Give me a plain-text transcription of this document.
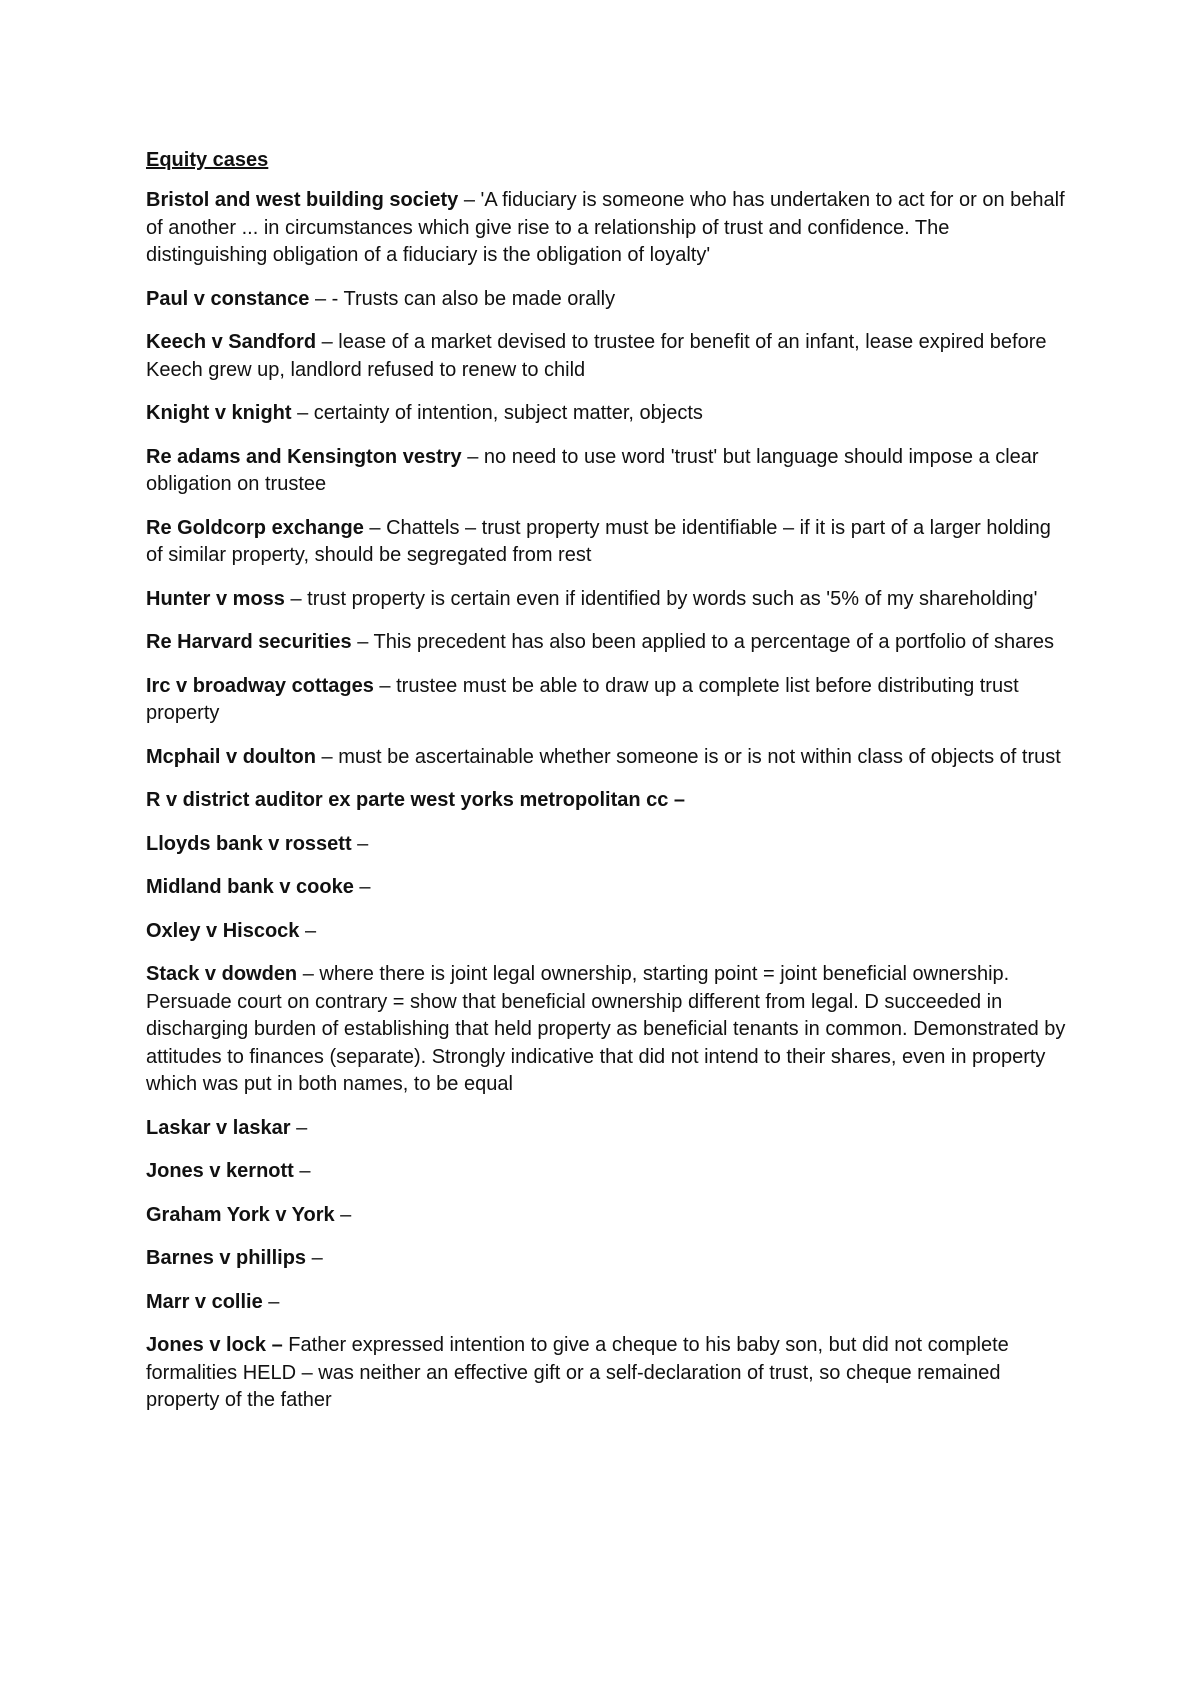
Equity cases
Bristol and west building society – 'A fiduciary is someone who has undertaken to act for or on behalf of another ... in circumstances which give rise to a relationship of trust and confidence. The distinguishing obligation of a fiduciary is the obligation of loyalty'
Paul v constance – - Trusts can also be made orally
Keech v Sandford – lease of a market devised to trustee for benefit of an infant, lease expired before Keech grew up, landlord refused to renew to child
Knight v knight – certainty of intention, subject matter, objects
Re adams and Kensington vestry – no need to use word 'trust' but language should impose a clear obligation on trustee
Re Goldcorp exchange – Chattels – trust property must be identifiable – if it is part of a larger holding of similar property, should be segregated from rest
Hunter v moss – trust property is certain even if identified by words such as '5% of my shareholding'
Re Harvard securities – This precedent has also been applied to a percentage of a portfolio of shares
Irc v broadway cottages – trustee must be able to draw up a complete list before distributing trust property
Mcphail v doulton – must be ascertainable whether someone is or is not within class of objects of trust
R v district auditor ex parte west yorks metropolitan cc –
Lloyds bank v rossett –
Midland bank v cooke –
Oxley v Hiscock –
Stack v dowden – where there is joint legal ownership, starting point = joint beneficial ownership. Persuade court on contrary = show that beneficial ownership different from legal. D succeeded in discharging burden of establishing that held property as beneficial tenants in common. Demonstrated by attitudes to finances (separate). Strongly indicative that did not intend to their shares, even in property which was put in both names, to be equal
Laskar v laskar –
Jones v kernott –
Graham York v York –
Barnes v phillips –
Marr v collie –
Jones v lock – Father expressed intention to give a cheque to his baby son, but did not complete formalities HELD – was neither an effective gift or a self-declaration of trust, so cheque remained property of the father
